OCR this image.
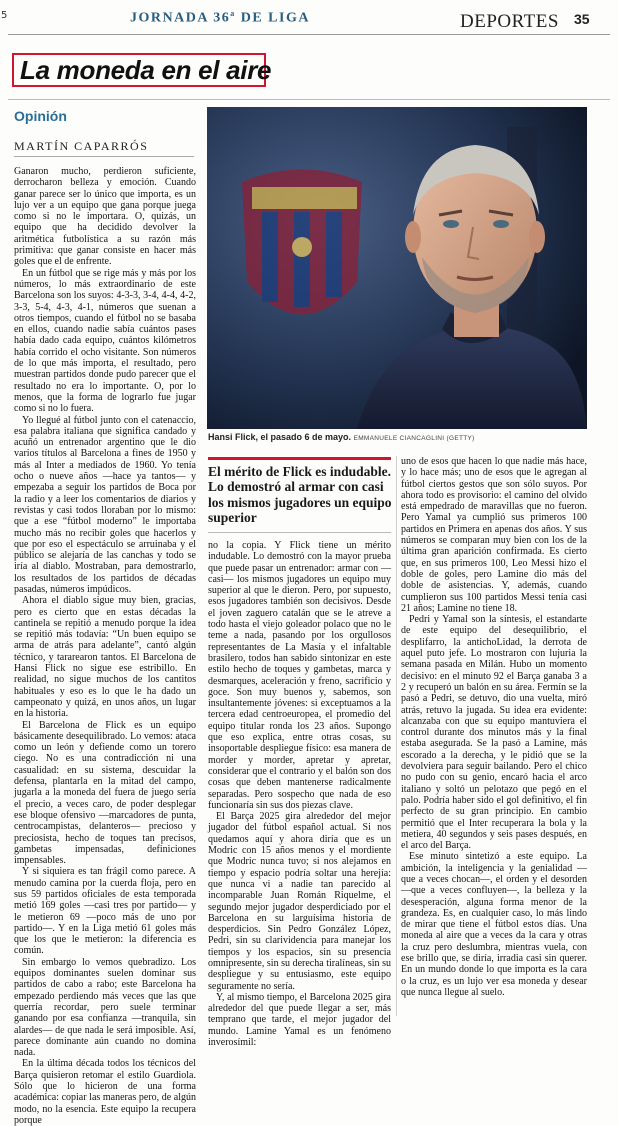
5	JORNADA 36$^a$ DE LIGA	DEPORTES 35
La moneda en el aire
Opinión
MARTÍN CAPARRÓS

Ganaron mucho, perdieron suficiente, derrocharon belleza y emoción. Cuando ganar parece ser lo único que importa, es un lujo ver a un equipo que gana porque juega como si no le importara. O, quizás, un equipo que ha decidido devolver la aritmética futbolística a su razón más primitiva: que ganar consiste en hacer más goles que el de enfrente.

En un fútbol que se rige más y más por los números, lo más extraordinario de este Barcelona son los suyos: 4-3-3, 3-4, 4-4, 4-2, 3-3, 5-4, 4-3, 4-1, números que suenan a otros tiempos, cuando el fútbol no se basaba en ellos, cuando nadie sabía cuántos pases había dado cada equipo, cuántos kilómetros había corrido el ocho visitante. Son números de lo que más importa, el resultado, pero muestran partidos donde pudo parecer que el resultado no era lo importante. O, por lo menos, que la forma de lograrlo fue jugar como si no lo fuera.

Yo llegué al fútbol junto con el catenaccio, esa palabra italiana que significa candado y acuñó un entrenador argentino que le dio varios títulos al Barcelona a fines de 1950 y más al Inter a mediados de 1960. Yo tenía ocho o nueve años —hace ya tantos— y empezaba a seguir los partidos de Boca por la radio y a leer los comentarios de diarios y revistas y casi todos lloraban por lo mismo: que a ese “fútbol moderno” le importaba mucho más no recibir goles que hacerlos y que por eso el espectáculo se arruinaba y el público se alejaría de las canchas y todo se iría al diablo. Mostraban, para demostrarlo, los resultados de los partidos de décadas pasadas, números impúdicos.

Ahora el diablo sigue muy bien, gracias, pero es cierto que en estas décadas la cantinela se repitió a menudo porque la idea se repitió más todavía: “Un buen equipo se arma de atrás para adelante”, cantó algún técnico, y tararearon tantos. El Barcelona de Hansi Flick no sigue ese estribillo. En realidad, no sigue muchos de los cantitos habituales y eso es lo que le ha dado un campeonato y quizá, en unos años, un lugar en la historia.

El Barcelona de Flick es un equipo básicamente desequilibrado. Lo vemos: ataca como un león y defiende como un torero ciego. No es una contradicción ni una casualidad: en su sistema, descuidar la defensa, plantarla en la mitad del campo, jugarla a la moneda del fuera de juego sería el precio, a veces caro, de poder desplegar ese bloque ofensivo —marcadores de punta, centrocampistas, delanteros— precioso y preciosista, hecho de toques tan precisos, gambetas impensadas, definiciones impensables.

Y si siquiera es tan frágil como parece. A menudo camina por la cuerda floja, pero en sus 59 partidos oficiales de esta temporada metió 169 goles —casi tres por partido— y le metieron 69 —poco más de uno por partido—. Y en la Liga metió 61 goles más que los que le metieron: la diferencia es común.

Sin embargo lo vemos quebradizo. Los equipos dominantes suelen dominar sus partidos de cabo a rabo; este Barcelona ha empezado perdiendo más veces que las que querría recordar, pero suele terminar ganando por esa confianza —tranquila, sin alardes— de que nada le será imposible. Así, parece dominante aún cuando no domina nada.

En la última década todos los técnicos del Barça quisieron retomar el estilo Guardiola. Sólo que lo hicieron de una forma académica: copiar las maneras pero, de algún modo, no la esencia. Este equipo la recupera porque

Hansi Flick, el pasado 6 de mayo. EMMANUELE CIANCAGLINI (GETTY)
El mérito de Flick es indudable. Lo demostró al armar con casi los mismos jugadores un equipo superior

no la copia. Y Flick tiene un mérito indudable. Lo demostró con la mayor prueba que puede pasar un entrenador: armar con —casi— los mismos jugadores un equipo muy superior al que le dieron. Pero, por supuesto, esos jugadores también son decisivos. Desde el joven zaguero catalán que se le atreve a todo hasta el viejo goleador polaco que no le teme a nada, pasando por los orgullosos representantes de La Masía y el infaltable brasilero, todos han sabido sintonizar en este estilo hecho de toques y gambetas, marca y desmarques, aceleración y freno, sacrificio y goce. Son muy buenos y, sabemos, son insultantemente jóvenes: si exceptuamos a la tercera edad centroeuropea, el promedio del equipo titular ronda los 23 años. Supongo que eso explica, entre otras cosas, su insoportable despliegue físico: esa manera de morder y morder, apretar y apretar, considerar que el contrario y el balón son dos cosas que deben mantenerse radicalmente separadas. Pero sospecho que nada de eso funcionaría sin sus dos piezas clave.

El Barça 2025 gira alrededor del mejor jugador del fútbol español actual. Si nos quedamos aquí y ahora diría que es un Modric con 15 años menos y el mordiente que Modric nunca tuvo; si nos alejamos en tiempo y espacio podría soltar una herejía: que nunca vi a nadie tan parecido al incomparable Juan Román Riquelme, el segundo mejor jugador desperdiciado por el Barcelona en su larguísima historia de desperdicios. Sin Pedro González López, Pedri, sin su clarividencia para manejar los tiempos y los espacios, sin su presencia omnipresente, sin su derecha tiralíneas, sin su despliegue y su entusiasmo, este equipo seguramente no sería.

Y, al mismo tiempo, el Barcelona 2025 gira alrededor del que puede llegar a ser, más temprano que tarde, el mejor jugador del mundo. Lamine Yamal es un fenómeno inverosímil:

uno de esos que hacen lo que nadie más hace, y lo hace más; uno de esos que le agregan al fútbol ciertos gestos que son sólo suyos. Por ahora todo es provisorio: el camino del olvido está empedrado de maravillas que no fueron. Pero Yamal ya cumplió sus primeros 100 partidos en Primera en apenas dos años. Y sus números se comparan muy bien con los de la última gran aparición confirmada. Es cierto que, en sus primeros 100, Leo Messi hizo el doble de goles, pero Lamine dio más del doble de asistencias. Y, además, cuando cumplieron sus 100 partidos Messi tenía casi 21 años; Lamine no tiene 18.

Pedri y Yamal son la síntesis, el estandarte de este equipo del desequilibrio, el desplifarro, la antichoLidad, la derrota de aquel puto jefe. Lo mostraron con lujuria la semana pasada en Milán. Hubo un momento decisivo: en el minuto 92 el Barça ganaba 3 a 2 y recuperó un balón en su área. Fermín se la pasó a Pedri, se detuvo, dio una vuelta, miró atrás, retuvo la jugada. Su idea era evidente: alcanzaba con que su equipo mantuviera el control durante dos minutos más y la final estaba asegurada. Se la pasó a Lamine, más escorado a la derecha, y le pidió que se la devolviera para seguir bailando. Pero el chico no pudo con su genio, encaró hacia el arco italiano y soltó un pelotazo que pegó en el palo. Podría haber sido el gol definitivo, el fin perfecto de su gran principio. En cambio permitió que el Inter recuperara la bola y la metiera, 40 segundos y seis pases después, en el arco del Barça.

Ese minuto sintetizó a este equipo. La ambición, la inteligencia y la genialidad —que a veces chocan—, el orden y el desorden —que a veces confluyen—, la belleza y la desesperación, alguna forma menor de la grandeza. Es, en cualquier caso, lo más lindo de mirar que tiene el fútbol estos días. Una moneda al aire que a veces da la cara y otras la cruz pero deslumbra, mientras vuela, con ese brillo que, se diría, irradia casi sin querer. En un mundo donde lo que importa es la cara o la cruz, es un lujo ver esa moneda y desear que nunca llegue al suelo.
